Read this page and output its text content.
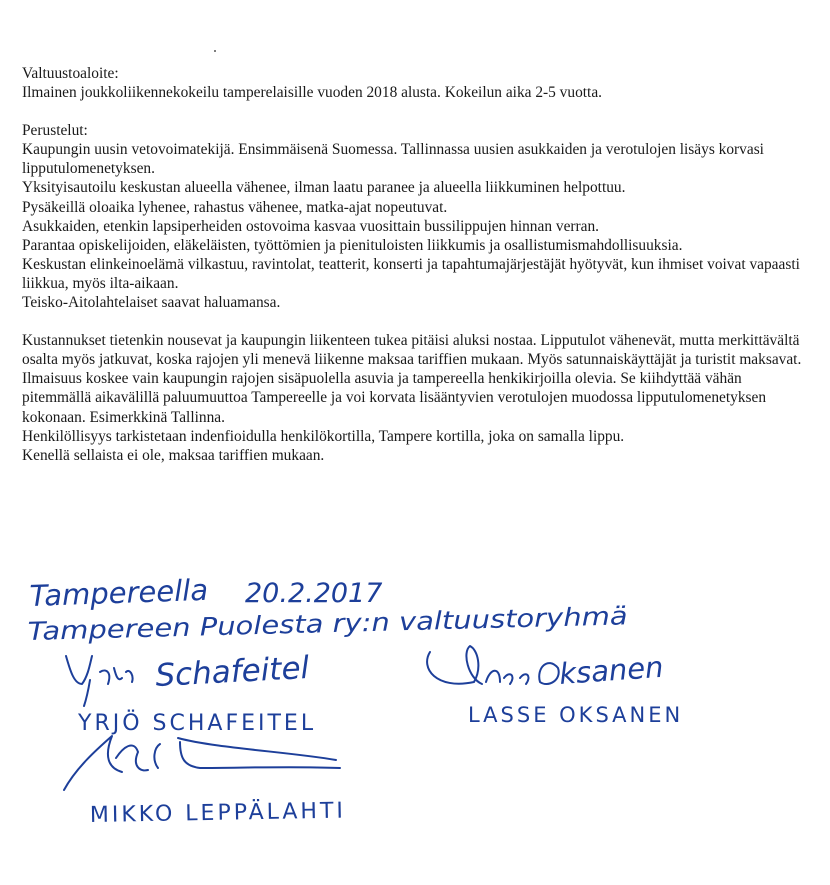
Valtuustoaloite:

Ilmainen joukkoliikennekokeilu tamperelaisille vuoden 2018 alusta. Kokeilun aika 2-5 vuotta.

Perustelut:

Kaupungin uusin vetovoimatekijä. Ensimmäisenä Suomessa. Tallinnassa uusien asukkaiden ja verotulojen lisäys korvasi lipputulomenetyksen.

Yksityisautoilu keskustan alueella vähenee, ilman laatu paranee ja alueella liikkuminen helpottuu.

Pysäkeillä oloaika lyhenee, rahastus vähenee, matka-ajat nopeutuvat.

Asukkaiden, etenkin lapsiperheiden ostovoima kasvaa vuosittain bussilippujen hinnan verran.

Parantaa opiskelijoiden, eläkeläisten, työttömien ja pienituloisten liikkumis ja osallistumismahdollisuuksia.

Keskustan elinkeinoelämä vilkastuu, ravintolat, teatterit, konserti ja tapahtumajärjestäjät hyötyvät, kun ihmiset voivat vapaasti liikkua, myös ilta-aikaan.

Teisko-Aitolahtelaiset saavat haluamansa.

Kustannukset tietenkin nousevat ja kaupungin liikenteen tukea pitäisi aluksi nostaa. Lipputulot vähenevät, mutta merkittävältä osalta myös jatkuvat, koska rajojen yli menevä liikenne maksaa tariffien mukaan. Myös satunnaiskäyttäjät ja turistit maksavat. Ilmaisuus koskee vain kaupungin rajojen sisäpuolella asuvia ja tampereella henkikirjoilla olevia. Se kiihdyttää vähän pitemmällä aikavälillä paluumuuttoa Tampereelle ja voi korvata lisääntyvien verotulojen muodossa lipputulomenetyksen kokonaan. Esimerkkinä Tallinna.

Henkilöllisyys tarkistetaan indenfioidulla henkilökortilla, Tampere kortilla, joka on samalla lippu.

Kenellä sellaista ei ole, maksaa tariffien mukaan.

Tampereella 20.2.2017
Tampereen Puolesta ry:n valtuustoryhmä
Schafeitel
YRJÖ SCHAFEITEL
ksanen
LASSE OKSANEN
MIKKO LEPPÄLAHTI
